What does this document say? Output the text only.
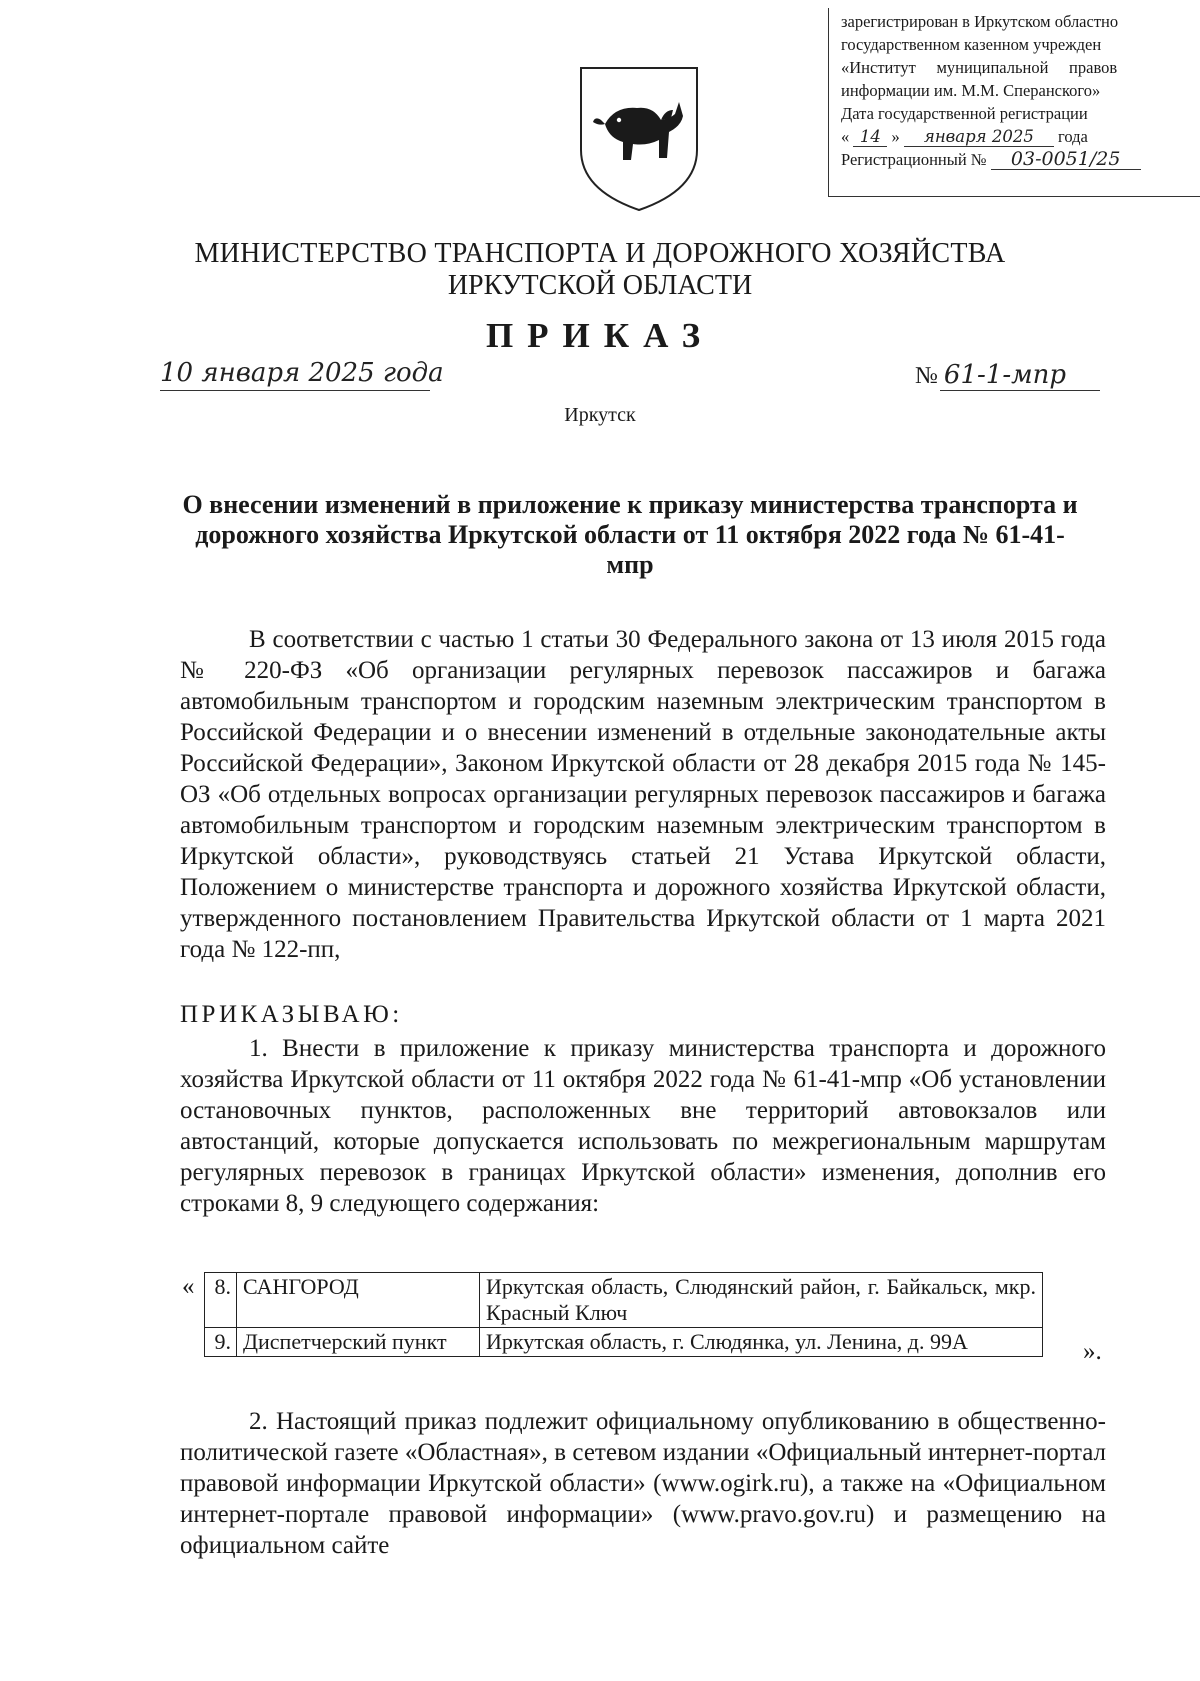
зарегистрирован в Иркутском областно
государственном казенном учрежден
«Институт     муниципальной     правов
информации им. М.М. Сперанского»
Дата государственной регистрации
« 14 » января 2025 года
Регистрационный № 03-0051/25
МИНИСТЕРСТВО ТРАНСПОРТА И ДОРОЖНОГО ХОЗЯЙСТВА
ИРКУТСКОЙ ОБЛАСТИ
ПРИКАЗ
10 января 2025 года	№ 61-1-мпр
Иркутск
О внесении изменений в приложение к приказу министерства транспорта и дорожного хозяйства Иркутской области от 11 октября 2022 года № 61-41-мпр

В соответствии с частью 1 статьи 30 Федерального закона от 13 июля 2015 года № 220-ФЗ «Об организации регулярных перевозок пассажиров и багажа автомобильным транспортом и городским наземным электрическим транспортом в Российской Федерации и о внесении изменений в отдельные законодательные акты Российской Федерации», Законом Иркутской области от 28 декабря 2015 года № 145-ОЗ «Об отдельных вопросах организации регулярных перевозок пассажиров и багажа автомобильным транспортом и городским наземным электрическим транспортом в Иркутской области», руководствуясь статьей 21 Устава Иркутской области, Положением о министерстве транспорта и дорожного хозяйства Иркутской области, утвержденного постановлением Правительства Иркутской области от 1 марта 2021 года № 122-пп,

ПРИКАЗЫВАЮ:

1. Внести в приложение к приказу министерства транспорта и дорожного хозяйства Иркутской области от 11 октября 2022 года № 61-41-мпр «Об установлении остановочных пунктов, расположенных вне территорий автовокзалов или автостанций, которые допускается использовать по межрегиональным маршрутам регулярных перевозок в границах Иркутской области» изменения, дополнив его строками 8, 9 следующего содержания:

« 8.	САНГОРОД	Иркутская область, Слюдянский район, г. Байкальск, мкр. Красный Ключ
9.	Диспетчерский пункт	Иркутская область, г. Слюдянка, ул. Ленина, д. 99А	».

2. Настоящий приказ подлежит официальному опубликованию в общественно-политической газете «Областная», в сетевом издании «Официальный интернет-портал правовой информации Иркутской области» (www.ogirk.ru), а также на «Официальном интернет-портале правовой информации» (www.pravo.gov.ru) и размещению на официальном сайте
